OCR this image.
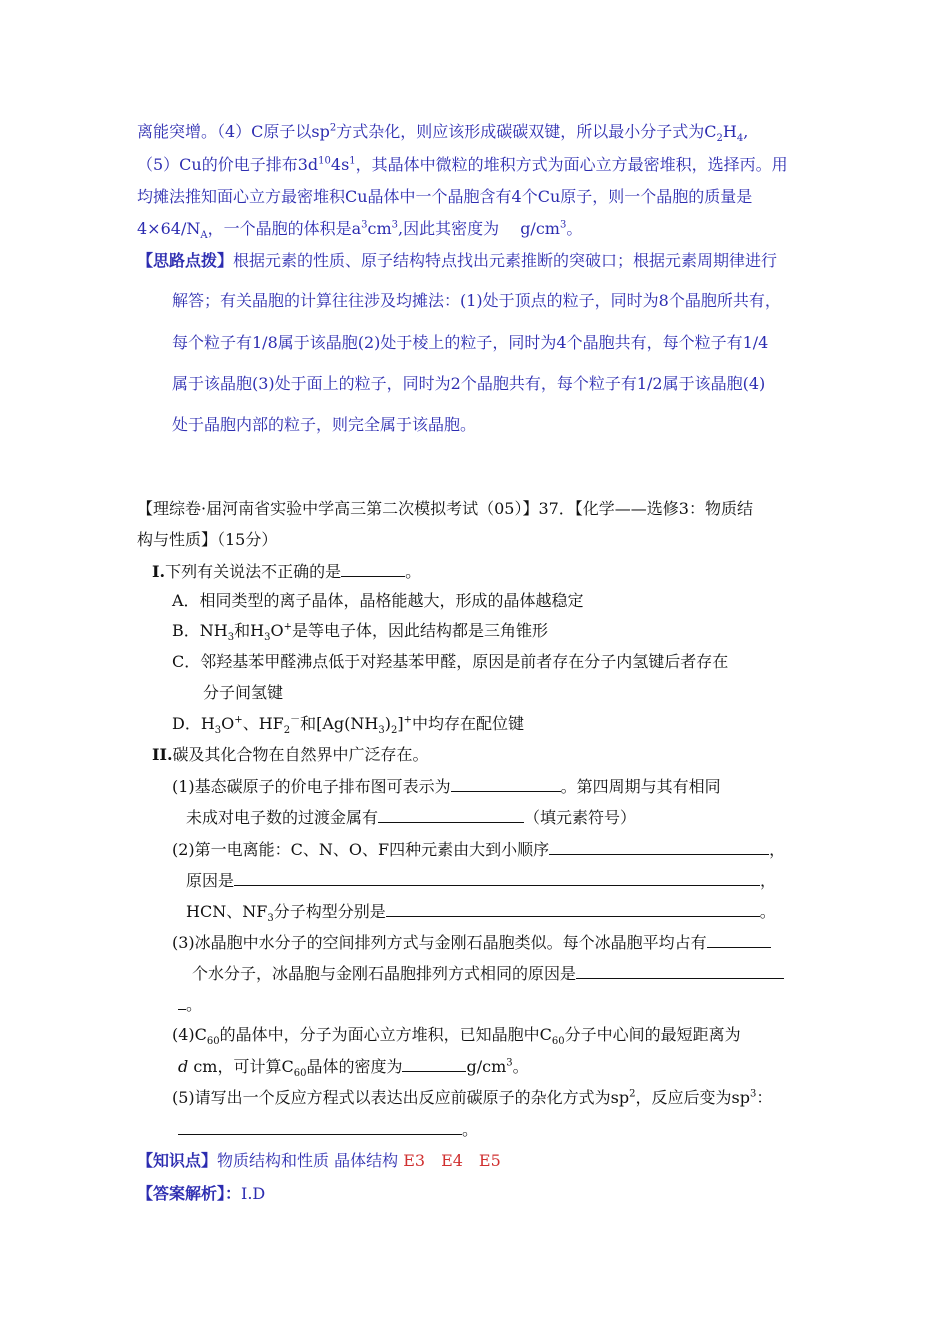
离能突增。（4）C原子以$sp^2$方式杂化，则应该形成碳碳双键，所以最小分子式为$C_2H_4$,
（5）Cu的价电子排布$3d^{10}4s^1$，其晶体中微粒的堆积方式为面心立方最密堆积，选择丙。用
均摊法推知面心立方最密堆积Cu晶体中一个晶胞含有4个Cu原子，则一个晶胞的质量是
$4\times 64/N_A$，一个晶胞的体积是$a^3cm^3$,因此其密度为　 $g/cm^3$。
【思路点拨】根据元素的性质、原子结构特点找出元素推断的突破口；根据元素周期律进行
解答；有关晶胞的计算往往涉及均摊法：(1)处于顶点的粒子，同时为8个晶胞所共有，
每个粒子有1/8属于该晶胞(2)处于棱上的粒子，同时为4个晶胞共有，每个粒子有1/4
属于该晶胞(3)处于面上的粒子，同时为2个晶胞共有，每个粒子有1/2属于该晶胞(4)
处于晶胞内部的粒子，则完全属于该晶胞。
【理综卷·届河南省实验中学高三第二次模拟考试（05）】37．【化学——选修3：物质结
构与性质】（15分）
I.下列有关说法不正确的是	。
A．相同类型的离子晶体，晶格能越大，形成的晶体越稳定
B．$NH_3$和$H_3O^+$是等电子体，因此结构都是三角锥形
C．邻羟基苯甲醛沸点低于对羟基苯甲醛，原因是前者存在分子内氢键后者存在
分子间氢键
D．$H_3O^+$、$HF_2^-$和$[Ag(NH_3)_2]^+$中均存在配位键
II.碳及其化合物在自然界中广泛存在。
(1)基态碳原子的价电子排布图可表示为	。第四周期与其有相同
未成对电子数的过渡金属有	（填元素符号）
(2)第一电离能：C、N、O、F四种元素由大到小顺序	，
原因是	，
HCN、$NF_3$分子构型分别是	。
(3)冰晶胞中水分子的空间排列方式与金刚石晶胞类似。每个冰晶胞平均占有
个水分子，冰晶胞与金刚石晶胞排列方式相同的原因是
。
$(4)C_{60}$的晶体中，分子为面心立方堆积，已知晶胞中$C_{60}$分子中心间的最短距离为
d cm，可计算$C_{60}$晶体的密度为	$g/cm^3$。
(5)请写出一个反应方程式以表达出反应前碳原子的杂化方式为$sp^2$，反应后变为$sp^3$：
。
【知识点】物质结构和性质 晶体结构 E3　E4　E5
【答案解析】：Ⅰ.D
